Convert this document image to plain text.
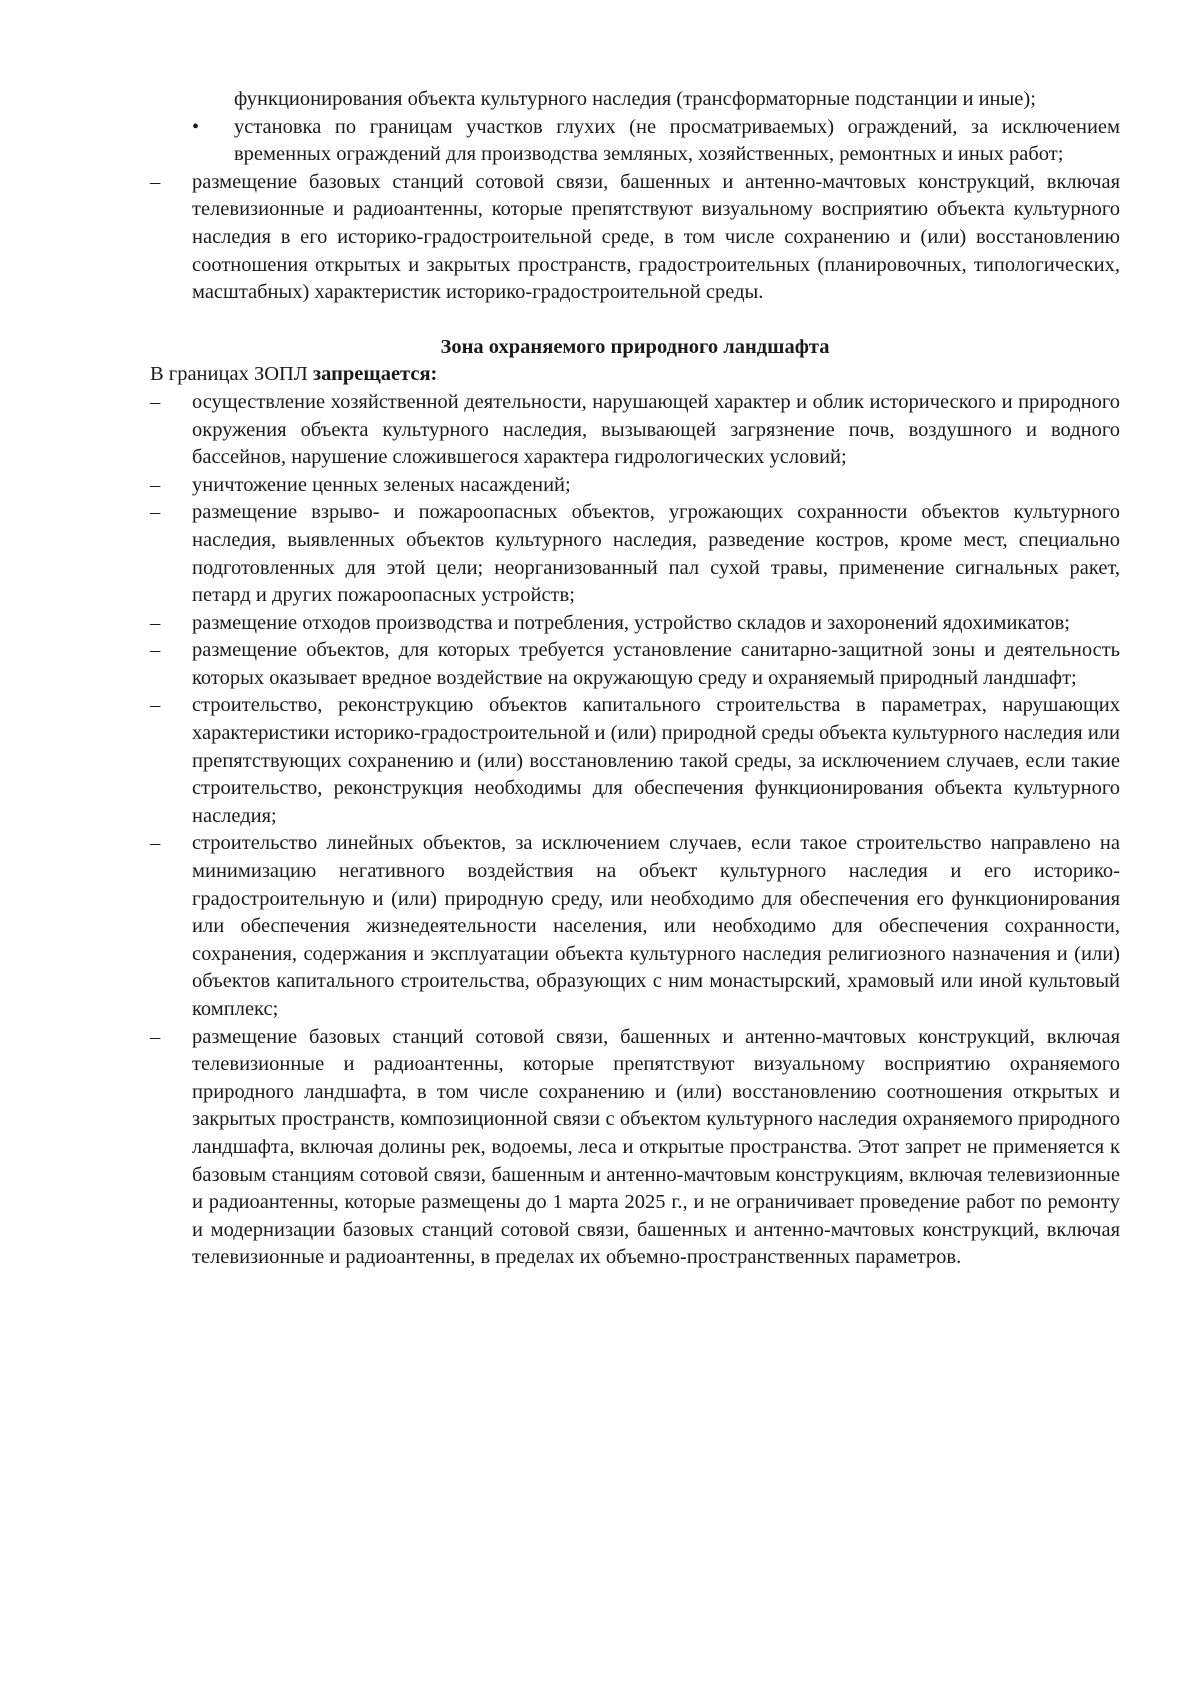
функционирования объекта культурного наследия (трансформаторные подстанции и иные);

• установка по границам участков глухих (не просматриваемых) ограждений, за исключением временных ограждений для производства земляных, хозяйственных, ремонтных и иных работ;
– размещение базовых станций сотовой связи, башенных и антенно-мачтовых конструкций, включая телевизионные и радиоантенны, которые препятствуют визуальному восприятию объекта культурного наследия в его историко-градостроительной среде, в том числе сохранению и (или) восстановлению соотношения открытых и закрытых пространств, градостроительных (планировочных, типологических, масштабных) характеристик историко-градостроительной среды.
Зона охраняемого природного ландшафта
В границах ЗОПЛ запрещается:
– осуществление хозяйственной деятельности, нарушающей характер и облик исторического и природного окружения объекта культурного наследия, вызывающей загрязнение почв, воздушного и водного бассейнов, нарушение сложившегося характера гидрологических условий;
– уничтожение ценных зеленых насаждений;
– размещение взрыво- и пожароопасных объектов, угрожающих сохранности объектов культурного наследия, выявленных объектов культурного наследия, разведение костров, кроме мест, специально подготовленных для этой цели; неорганизованный пал сухой травы, применение сигнальных ракет, петард и других пожароопасных устройств;
– размещение отходов производства и потребления, устройство складов и захоронений ядохимикатов;
– размещение объектов, для которых требуется установление санитарно-защитной зоны и деятельность которых оказывает вредное воздействие на окружающую среду и охраняемый природный ландшафт;
– строительство, реконструкцию объектов капитального строительства в параметрах, нарушающих характеристики историко-градостроительной и (или) природной среды объекта культурного наследия или препятствующих сохранению и (или) восстановлению такой среды, за исключением случаев, если такие строительство, реконструкция необходимы для обеспечения функционирования объекта культурного наследия;
– строительство линейных объектов, за исключением случаев, если такое строительство направлено на минимизацию негативного воздействия на объект культурного наследия и его историко-градостроительную и (или) природную среду, или необходимо для обеспечения его функционирования или обеспечения жизнедеятельности населения, или необходимо для обеспечения сохранности, сохранения, содержания и эксплуатации объекта культурного наследия религиозного назначения и (или) объектов капитального строительства, образующих с ним монастырский, храмовый или иной культовый комплекс;
– размещение базовых станций сотовой связи, башенных и антенно-мачтовых конструкций, включая телевизионные и радиоантенны, которые препятствуют визуальному восприятию охраняемого природного ландшафта, в том числе сохранению и (или) восстановлению соотношения открытых и закрытых пространств, композиционной связи с объектом культурного наследия охраняемого природного ландшафта, включая долины рек, водоемы, леса и открытые пространства. Этот запрет не применяется к базовым станциям сотовой связи, башенным и антенно-мачтовым конструкциям, включая телевизионные и радиоантенны, которые размещены до 1 марта 2025 г., и не ограничивает проведение работ по ремонту и модернизации базовых станций сотовой связи, башенных и антенно-мачтовых конструкций, включая телевизионные и радиоантенны, в пределах их объемно-пространственных параметров.
